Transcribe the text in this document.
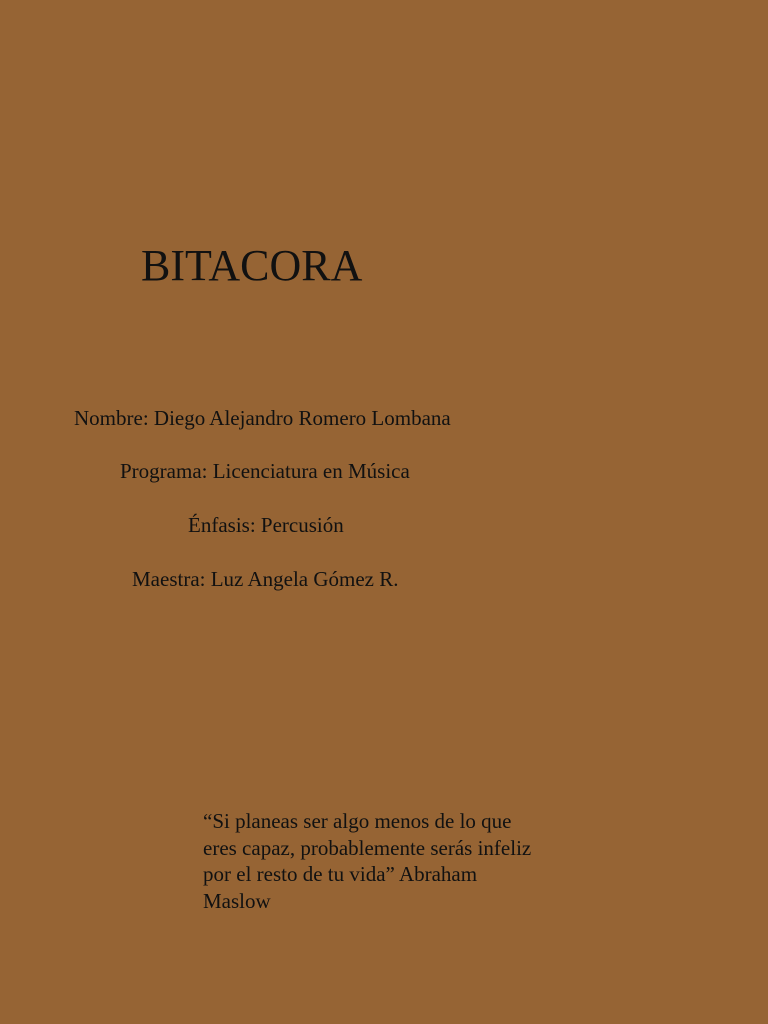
BITACORA
Nombre: Diego Alejandro Romero Lombana
Programa: Licenciatura en Música
Énfasis: Percusión
Maestra: Luz Angela Gómez R.
“Si planeas ser algo menos de lo que
eres capaz, probablemente serás infeliz
por el resto de tu vida” Abraham
Maslow
